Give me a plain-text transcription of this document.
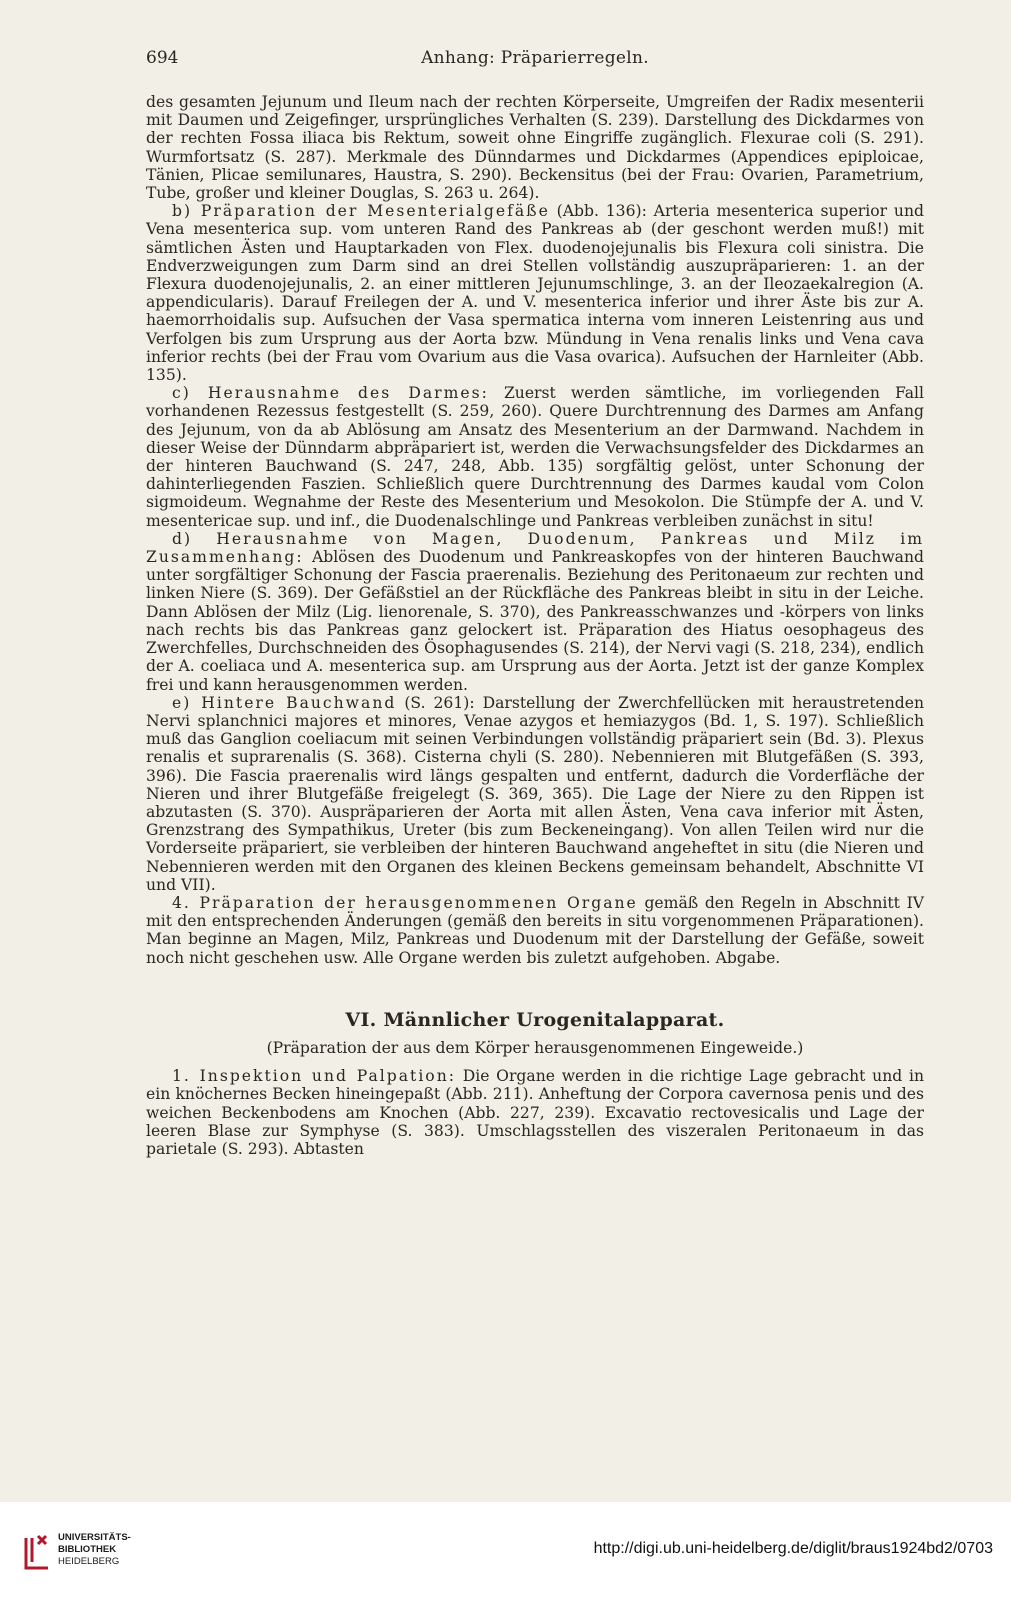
694	Anhang: Präparierregeln.

des gesamten Jejunum und Ileum nach der rechten Körperseite, Umgreifen der Radix mesenterii mit Daumen und Zeigefinger, ursprüngliches Verhalten (S. 239). Darstellung des Dickdarmes von der rechten Fossa iliaca bis Rektum, soweit ohne Eingriffe zugänglich. Flexurae coli (S. 291). Wurmfortsatz (S. 287). Merkmale des Dünndarmes und Dickdarmes (Appendices epiploicae, Tänien, Plicae semilunares, Haustra, S. 290). Beckensitus (bei der Frau: Ovarien, Parametrium, Tube, großer und kleiner Douglas, S. 263 u. 264).

b) Präparation der Mesenterialgefäße (Abb. 136): Arteria mesenterica superior und Vena mesenterica sup. vom unteren Rand des Pankreas ab (der geschont werden muß!) mit sämtlichen Ästen und Hauptarkaden von Flex. duodenojejunalis bis Flexura coli sinistra. Die Endverzweigungen zum Darm sind an drei Stellen vollständig auszupräparieren: 1. an der Flexura duodenojejunalis, 2. an einer mittleren Jejunumschlinge, 3. an der Ileozaekalregion (A. appendicularis). Darauf Freilegen der A. und V. mesenterica inferior und ihrer Äste bis zur A. haemorrhoidalis sup. Aufsuchen der Vasa spermatica interna vom inneren Leistenring aus und Verfolgen bis zum Ursprung aus der Aorta bzw. Mündung in Vena renalis links und Vena cava inferior rechts (bei der Frau vom Ovarium aus die Vasa ovarica). Aufsuchen der Harnleiter (Abb. 135).

c) Herausnahme des Darmes: Zuerst werden sämtliche, im vorliegenden Fall vorhandenen Rezessus festgestellt (S. 259, 260). Quere Durchtrennung des Darmes am Anfang des Jejunum, von da ab Ablösung am Ansatz des Mesenterium an der Darmwand. Nachdem in dieser Weise der Dünndarm abpräpariert ist, werden die Verwachsungsfelder des Dickdarmes an der hinteren Bauchwand (S. 247, 248, Abb. 135) sorgfältig gelöst, unter Schonung der dahinterliegenden Faszien. Schließlich quere Durchtrennung des Darmes kaudal vom Colon sigmoideum. Wegnahme der Reste des Mesenterium und Mesokolon. Die Stümpfe der A. und V. mesentericae sup. und inf., die Duodenalschlinge und Pankreas verbleiben zunächst in situ!

d) Herausnahme von Magen, Duodenum, Pankreas und Milz im Zusammenhang: Ablösen des Duodenum und Pankreaskopfes von der hinteren Bauchwand unter sorgfältiger Schonung der Fascia praerenalis. Beziehung des Peritonaeum zur rechten und linken Niere (S. 369). Der Gefäßstiel an der Rückfläche des Pankreas bleibt in situ in der Leiche. Dann Ablösen der Milz (Lig. lienorenale, S. 370), des Pankreasschwanzes und -körpers von links nach rechts bis das Pankreas ganz gelockert ist. Präparation des Hiatus oesophageus des Zwerchfelles, Durchschneiden des Ösophagusendes (S. 214), der Nervi vagi (S. 218, 234), endlich der A. coeliaca und A. mesenterica sup. am Ursprung aus der Aorta. Jetzt ist der ganze Komplex frei und kann herausgenommen werden.

e) Hintere Bauchwand (S. 261): Darstellung der Zwerchfellücken mit heraustretenden Nervi splanchnici majores et minores, Venae azygos et hemiazygos (Bd. 1, S. 197). Schließlich muß das Ganglion coeliacum mit seinen Verbindungen vollständig präpariert sein (Bd. 3). Plexus renalis et suprarenalis (S. 368). Cisterna chyli (S. 280). Nebennieren mit Blutgefäßen (S. 393, 396). Die Fascia praerenalis wird längs gespalten und entfernt, dadurch die Vorderfläche der Nieren und ihrer Blutgefäße freigelegt (S. 369, 365). Die Lage der Niere zu den Rippen ist abzutasten (S. 370). Auspräparieren der Aorta mit allen Ästen, Vena cava inferior mit Ästen, Grenzstrang des Sympathikus, Ureter (bis zum Beckeneingang). Von allen Teilen wird nur die Vorderseite präpariert, sie verbleiben der hinteren Bauchwand angeheftet in situ (die Nieren und Nebennieren werden mit den Organen des kleinen Beckens gemeinsam behandelt, Abschnitte VI und VII).

4. Präparation der herausgenommenen Organe gemäß den Regeln in Abschnitt IV mit den entsprechenden Änderungen (gemäß den bereits in situ vorgenommenen Präparationen). Man beginne an Magen, Milz, Pankreas und Duodenum mit der Darstellung der Gefäße, soweit noch nicht geschehen usw. Alle Organe werden bis zuletzt aufgehoben. Abgabe.

VI. Männlicher Urogenitalapparat.
(Präparation der aus dem Körper herausgenommenen Eingeweide.)

1. Inspektion und Palpation: Die Organe werden in die richtige Lage gebracht und in ein knöchernes Becken hineingepaßt (Abb. 211). Anheftung der Corpora cavernosa penis und des weichen Beckenbodens am Knochen (Abb. 227, 239). Excavatio rectovesicalis und Lage der leeren Blase zur Symphyse (S. 383). Umschlagsstellen des viszeralen Peritonaeum in das parietale (S. 293). Abtasten

UNIVERSITÄTS-
BIBLIOTHEK
HEIDELBERG
http://digi.ub.uni-heidelberg.de/diglit/braus1924bd2/0703
